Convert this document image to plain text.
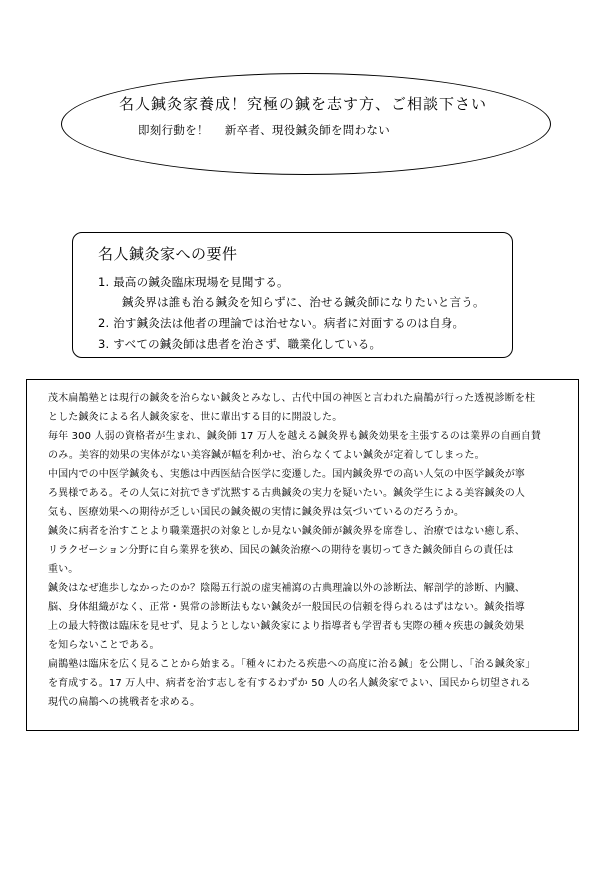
名人鍼灸家養成！究極の鍼を志す方、ご相談下さい
即刻行動を！ 新卒者、現役鍼灸師を問わない
名人鍼灸家への要件
1. 最高の鍼灸臨床現場を見聞する。
鍼灸界は誰も治る鍼灸を知らずに、治せる鍼灸師になりたいと言う。
2. 治す鍼灸法は他者の理論では治せない。病者に対面するのは自身。
3. すべての鍼灸師は患者を治さず、職業化している。
茂木扁鵲塾とは現行の鍼灸を治らない鍼灸とみなし、古代中国の神医と言われた扁鵲が行った透視診断を柱
とした鍼灸による名人鍼灸家を、世に輩出する目的に開設した。
毎年 300 人弱の資格者が生まれ、鍼灸師 17 万人を越える鍼灸界も鍼灸効果を主張するのは業界の自画自賛
のみ。美容的効果の実体がない美容鍼が幅を利かせ、治らなくてよい鍼灸が定着してしまった。
中国内での中医学鍼灸も、実態は中西医結合医学に変遷した。国内鍼灸界での高い人気の中医学鍼灸が寧
ろ異様である。その人気に対抗できず沈黙する古典鍼灸の実力を疑いたい。鍼灸学生による美容鍼灸の人
気も、医療効果への期待が乏しい国民の鍼灸観の実情に鍼灸界は気づいているのだろうか。
鍼灸に病者を治すことより職業選択の対象としか見ない鍼灸師が鍼灸界を席巻し、治療ではない癒し系、
リラクゼーション分野に自ら業界を狭め、国民の鍼灸治療への期待を裏切ってきた鍼灸師自らの責任は
重い。
鍼灸はなぜ進歩しなかったのか？陰陽五行説の虚実補瀉の古典理論以外の診断法、解剖学的診断、内臓、
脳、身体組織がなく、正常・異常の診断法もない鍼灸が一般国民の信頼を得られるはずはない。鍼灸指導
上の最大特徴は臨床を見せず、見ようとしない鍼灸家により指導者も学習者も実際の種々疾患の鍼灸効果
を知らないことである。
扁鵲塾は臨床を広く見ることから始まる。「種々にわたる疾患への高度に治る鍼」を公開し、「治る鍼灸家」
を育成する。17 万人中、病者を治す志しを有するわずか 50 人の名人鍼灸家でよい、国民から切望される
現代の扁鵲への挑戦者を求める。
